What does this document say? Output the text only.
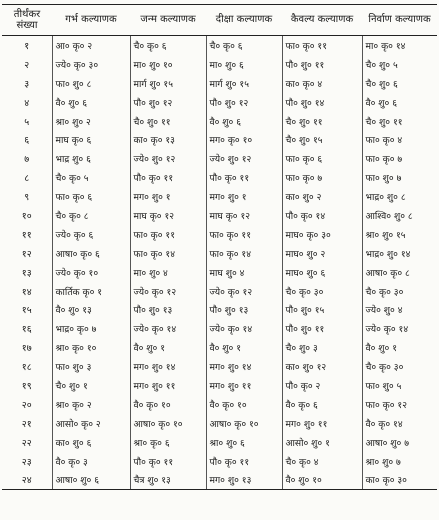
तीर्थंकर
संख्या	गर्भ कल्याणक	जन्म कल्याणक	दीक्षा कल्याणक	कैवल्य कल्याणक	निर्वाण कल्याणक
१	आ० कृ० २	चै० कृ० ६	चै० कृ० ६	फा० कृ० ११	मा० कृ० १४
२	ज्ये० कृ० ३०	मा० शु० १०	मा० शु० ६	पौ० शु० ११	चै० शु० ५
३	फा० शु० ८	मार्ग शु० १५	मार्ग शु० १५	का० कृ० ४	चै० शु० ६
४	वै० शु० ६	पौ० शु० १२	पौ० शु० १२	पौ० शु० १४	वै० शु० ६
५	श्रा० शु० २	चै० शु० ११	वै० शु० ६	चै० शु० ११	चै० शु० ११
६	माघ कृ० ६	का० कृ० १३	मग० कृ० १०	चै० शु० १५	फा० कृ० ४
७	भाद्र शु० ६	ज्ये० शु० १२	ज्ये० शु० १२	फा० कृ० ६	फा० कृ० ७
८	चै० कृ० ५	पौ० कृ० ११	पौ० कृ० ११	फा० कृ० ७	फा० शु० ७
९	फा० कृ० ६	मग० शु० १	मग० शु० १	का० शु० २	भाद्र० शु० ८
१०	चै० कृ० ८	माघ कृ० १२	माघ कृ० १२	पौ० कृ० १४	आश्वि० शु० ८
११	ज्ये० कृ० ६	फा० कृ० ११	फा० कृ० ११	माघ० कृ० ३०	श्रा० शु० १५
१२	आषा० कृ० ६	फा० कृ० १४	फा० कृ० १४	माघ० शु० २	भाद्र० शु० १४
१३	ज्ये० कृ० १०	मा० शु० ४	माघ शु० ४	माघ० शु० ६	आषा० कृ० ८
१४	कार्तिक कृ० १	ज्ये० कृ० १२	ज्ये० कृ० १२	चै० कृ० ३०	चै० कृ० ३०
१५	वै० शु० १३	पौ० शु० १३	पौ० शु० १३	पौ० शु० १५	ज्ये० शु० ४
१६	भाद्र० कृ० ७	ज्ये० कृ० १४	ज्ये० कृ० १४	पौ० शु० ११	ज्ये० कृ० १४
१७	श्रा० कृ० १०	वै० शु० १	वै० शु० १	चै० शु० ३	वै० शु० १
१८	फा० शु० ३	मग० शु० १४	मग० शु० १४	का० शु० १२	चै० कृ० ३०
१९	चै० शु० १	मग० शु० ११	मग० शु० ११	पौ० कृ० २	फा० शु० ५
२०	श्रा० कृ० २	वै० कृ० १०	वै० कृ० १०	वै० कृ० ६	फा० कृ० १२
२१	आसो० कृ० २	आषा० कृ० १०	आषा० कृ० १०	मग० शु० ११	वै० कृ० १४
२२	का० शु० ६	श्रा० कृ० ६	श्रा० शु० ६	आसो० शु० १	आषा० शु० ७
२३	वै० कृ० ३	पौ० कृ० ११	पौ० कृ० ११	चै० कृ० ४	श्रा० शु० ७
२४	आषा० शु० ६	चैत्र शु० १३	मग० शु० १३	वै० शु० १०	का० कृ० ३०
